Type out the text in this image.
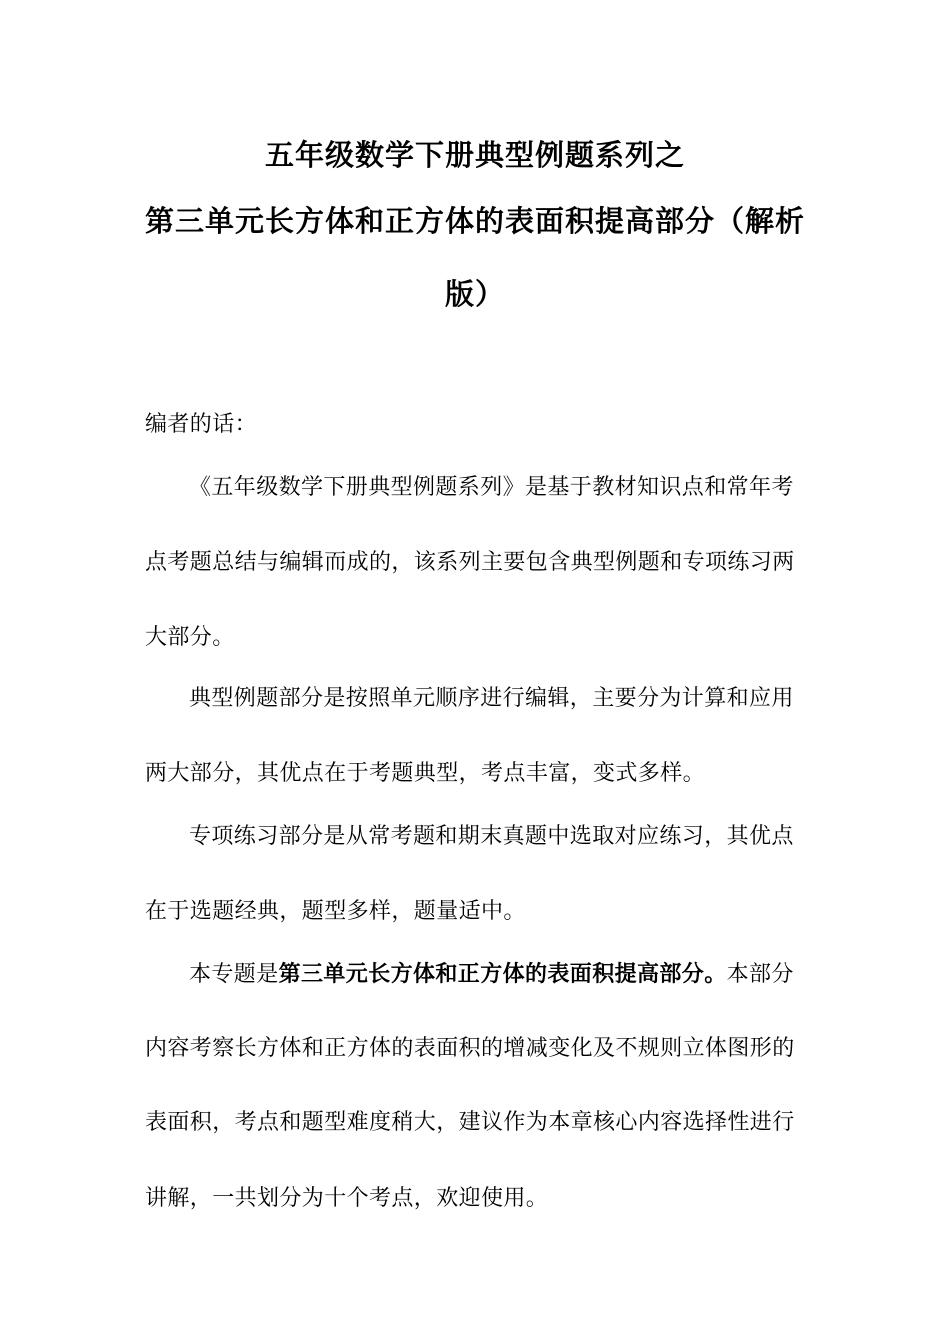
五年级数学下册典型例题系列之
第三单元长方体和正方体的表面积提高部分（解析
版）
编者的话：
《五年级数学下册典型例题系列》是基于教材知识点和常年考
点考题总结与编辑而成的，该系列主要包含典型例题和专项练习两
大部分。
典型例题部分是按照单元顺序进行编辑，主要分为计算和应用
两大部分，其优点在于考题典型，考点丰富，变式多样。
专项练习部分是从常考题和期末真题中选取对应练习，其优点
在于选题经典，题型多样，题量适中。
本专题是第三单元长方体和正方体的表面积提高部分。本部分
内容考察长方体和正方体的表面积的增减变化及不规则立体图形的
表面积，考点和题型难度稍大，建议作为本章核心内容选择性进行
讲解，一共划分为十个考点，欢迎使用。
